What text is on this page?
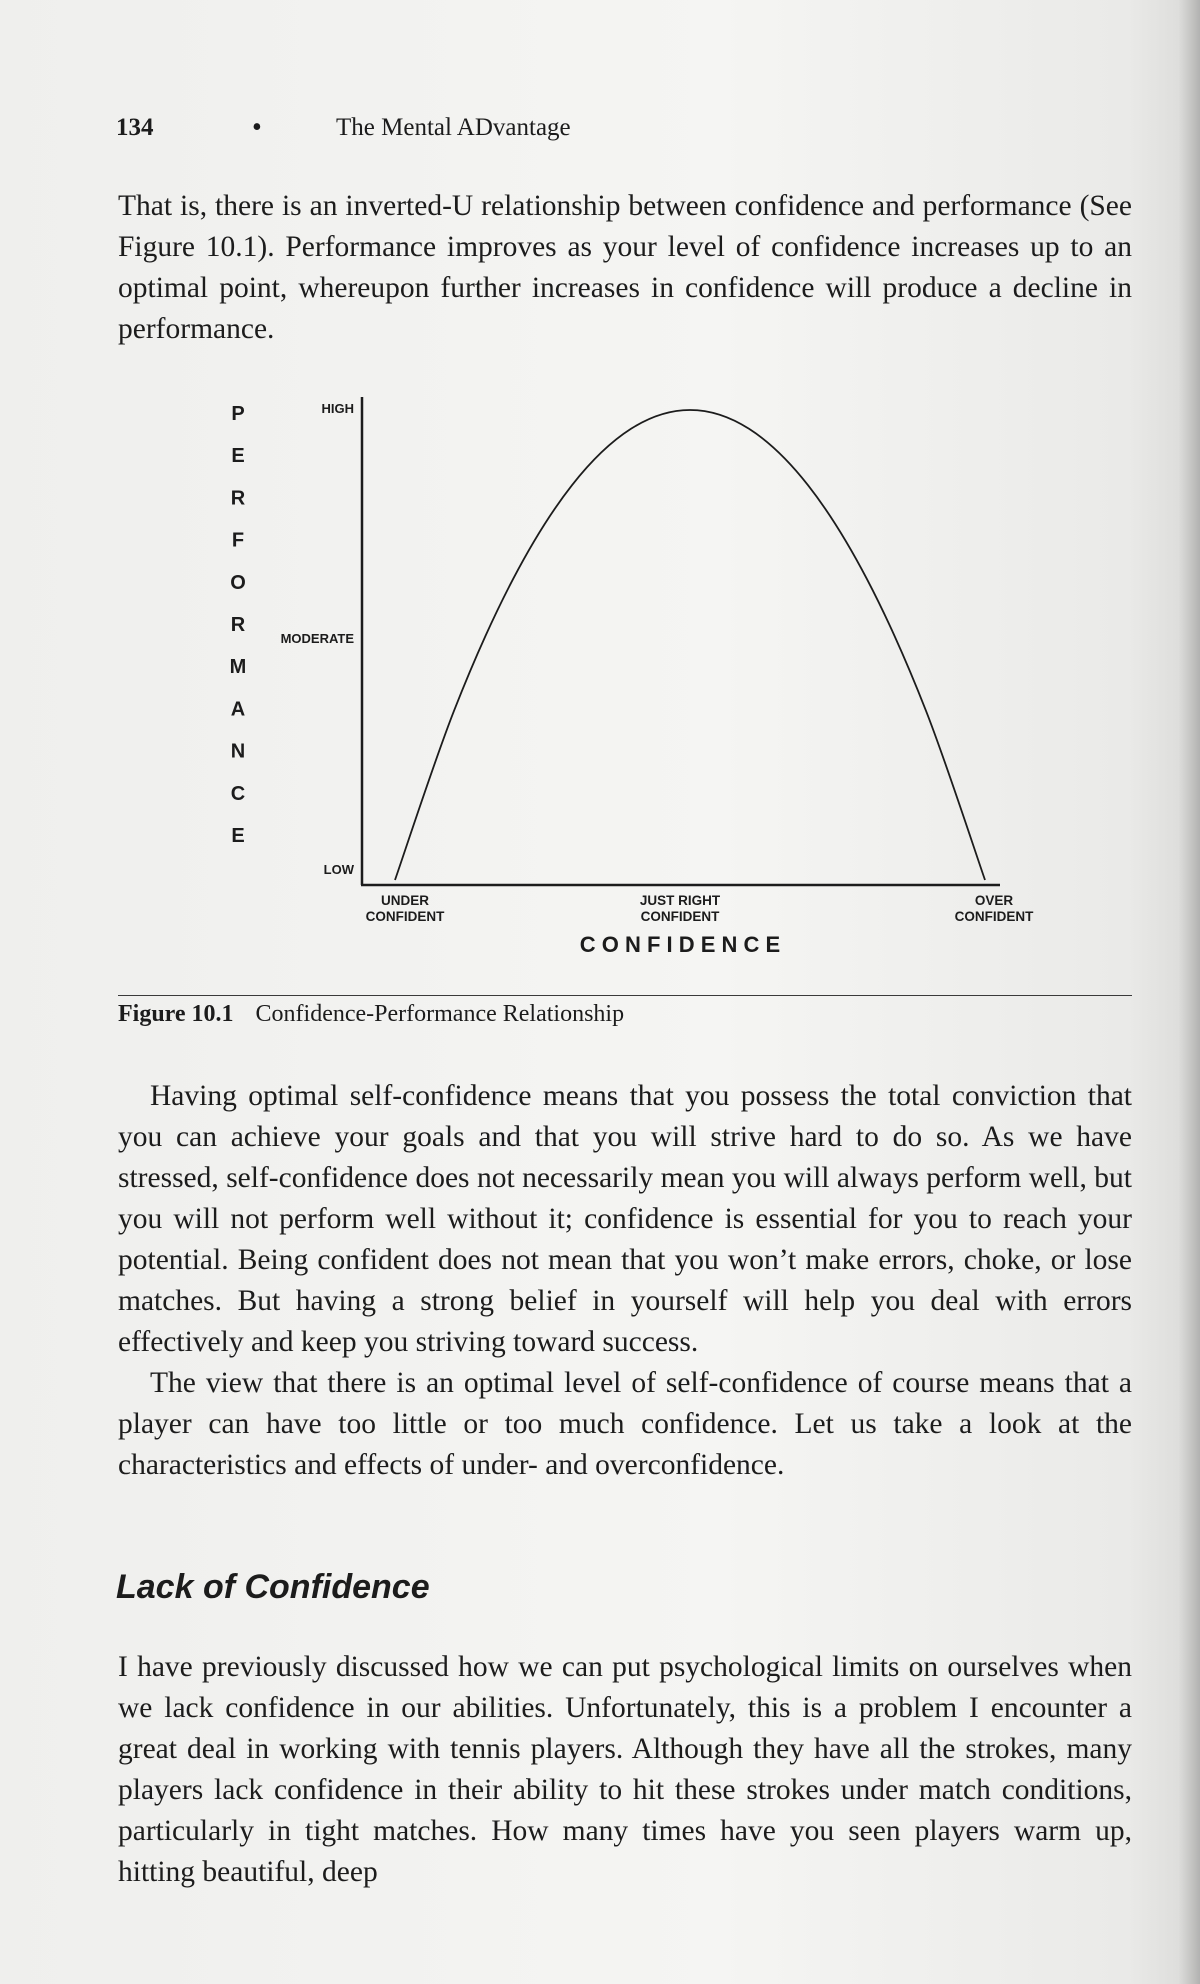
134	•	The Mental ADvantage

That is, there is an inverted-U relationship between confidence and performance (See Figure 10.1). Performance improves as your level of confidence increases up to an optimal point, whereupon further increases in confidence will produce a decline in performance.

P
E
R
F
O
R
M
A
N
C
E
HIGH
MODERATE
LOW
UNDER
CONFIDENT
JUST RIGHT
CONFIDENT
OVER
CONFIDENT
C O N F I D E N C E
Figure 10.1 Confidence-Performance Relationship

Having optimal self-confidence means that you possess the total conviction that you can achieve your goals and that you will strive hard to do so. As we have stressed, self-confidence does not necessarily mean you will always perform well, but you will not perform well without it; confidence is essential for you to reach your potential. Being confident does not mean that you won’t make errors, choke, or lose matches. But having a strong belief in yourself will help you deal with errors effectively and keep you striving toward success.

The view that there is an optimal level of self-confidence of course means that a player can have too little or too much confidence. Let us take a look at the characteristics and effects of under- and overconfidence.

Lack of Confidence

I have previously discussed how we can put psychological limits on ourselves when we lack confidence in our abilities. Unfortunately, this is a problem I encounter a great deal in working with tennis players. Although they have all the strokes, many players lack confidence in their ability to hit these strokes under match conditions, particularly in tight matches. How many times have you seen players warm up, hitting beautiful, deep
